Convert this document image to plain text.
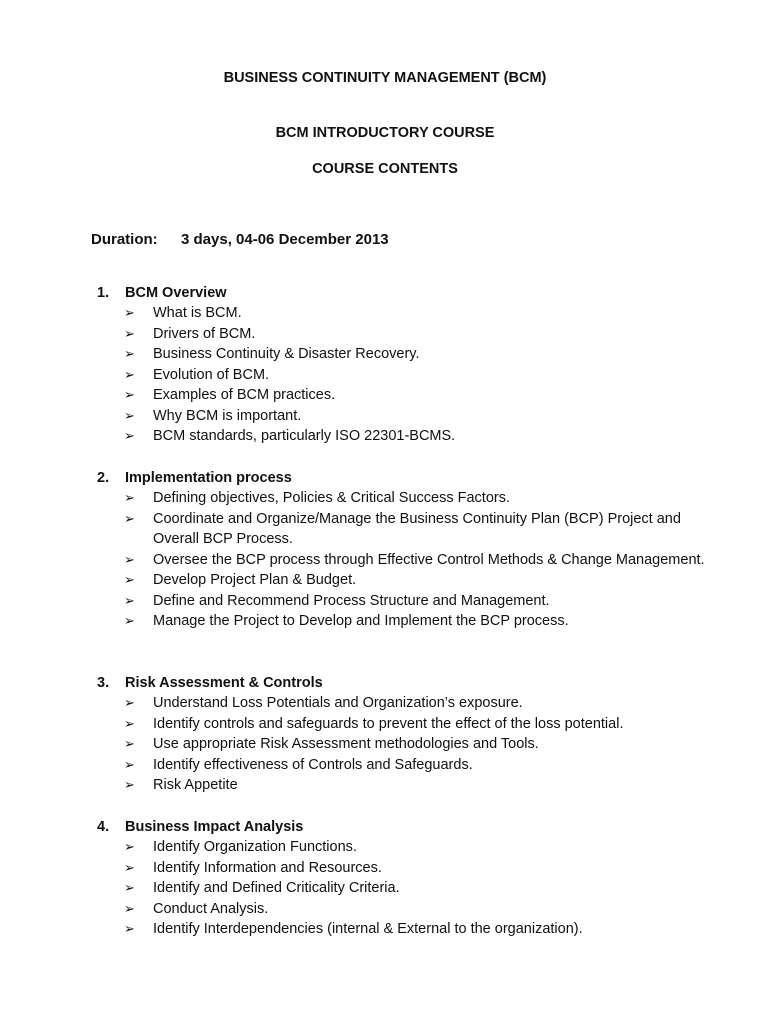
BUSINESS CONTINUITY MANAGEMENT (BCM)
BCM INTRODUCTORY COURSE
COURSE CONTENTS
Duration: 3 days, 04-06 December 2013
1. BCM Overview
➢ What is BCM.
➢ Drivers of BCM.
➢ Business Continuity & Disaster Recovery.
➢ Evolution of BCM.
➢ Examples of BCM practices.
➢ Why BCM is important.
➢ BCM standards, particularly ISO 22301-BCMS.
2. Implementation process
➢ Defining objectives, Policies & Critical Success Factors.
➢ Coordinate and Organize/Manage the Business Continuity Plan (BCP) Project and Overall BCP Process.
➢ Oversee the BCP process through Effective Control Methods & Change Management.
➢ Develop Project Plan & Budget.
➢ Define and Recommend Process Structure and Management.
➢ Manage the Project to Develop and Implement the BCP process.
3. Risk Assessment & Controls
➢ Understand Loss Potentials and Organization’s exposure.
➢ Identify controls and safeguards to prevent the effect of the loss potential.
➢ Use appropriate Risk Assessment methodologies and Tools.
➢ Identify effectiveness of Controls and Safeguards.
➢ Risk Appetite
4. Business Impact Analysis
➢ Identify Organization Functions.
➢ Identify Information and Resources.
➢ Identify and Defined Criticality Criteria.
➢ Conduct Analysis.
➢ Identify Interdependencies (internal & External to the organization).
